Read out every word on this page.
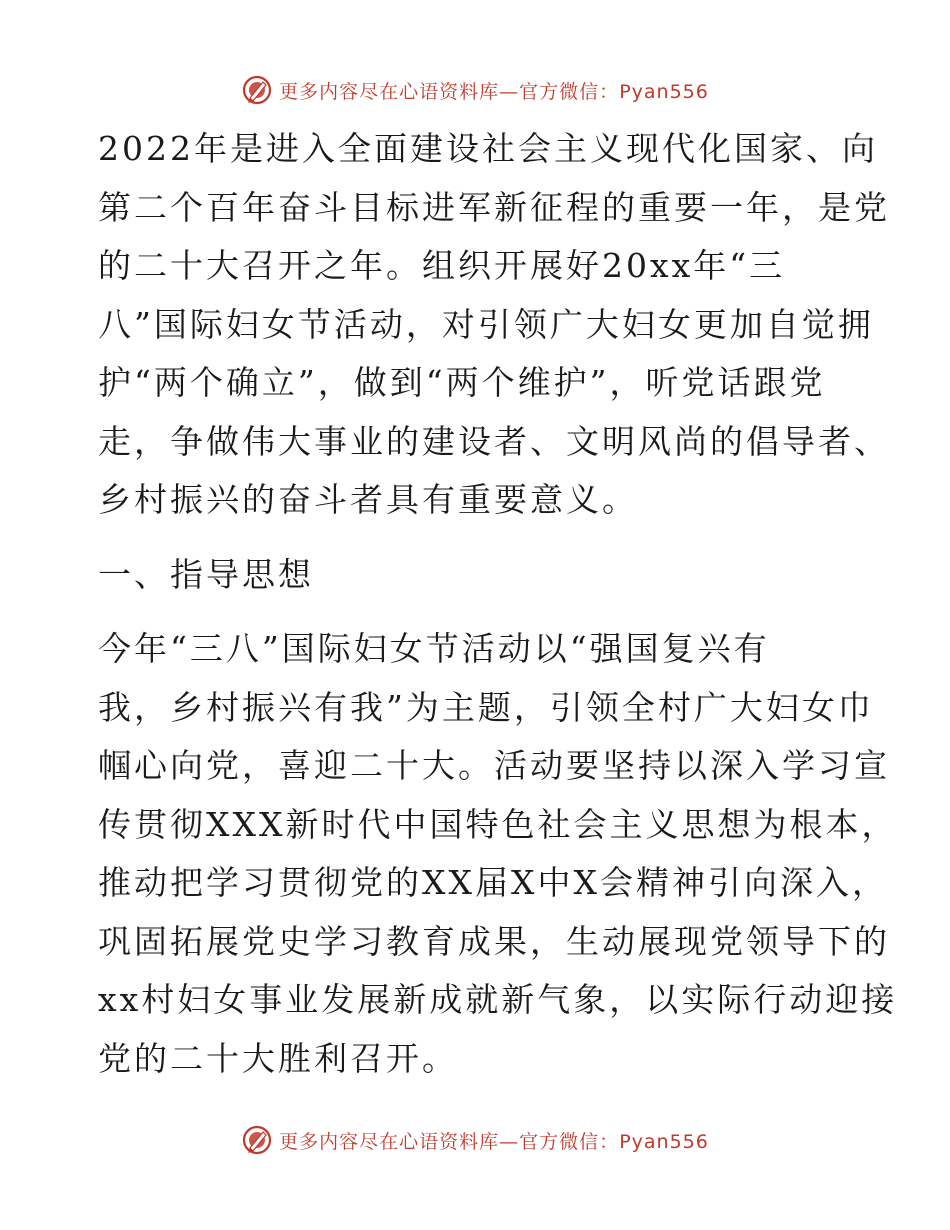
更多内容尽在心语资料库—官方微信：Pyan556

2022年是进入全面建设社会主义现代化国家、向
第二个百年奋斗目标进军新征程的重要一年，是党
的二十大召开之年。组织开展好20xx年“三
八”国际妇女节活动，对引领广大妇女更加自觉拥
护“两个确立”，做到“两个维护”，听党话跟党
走，争做伟大事业的建设者、文明风尚的倡导者、
乡村振兴的奋斗者具有重要意义。

一、指导思想

今年“三八”国际妇女节活动以“强国复兴有
我，乡村振兴有我”为主题，引领全村广大妇女巾
帼心向党，喜迎二十大。活动要坚持以深入学习宣
传贯彻XXX新时代中国特色社会主义思想为根本，
推动把学习贯彻党的XX届X中X会精神引向深入，
巩固拓展党史学习教育成果，生动展现党领导下的
xx村妇女事业发展新成就新气象，以实际行动迎接
党的二十大胜利召开。

更多内容尽在心语资料库—官方微信：Pyan556
